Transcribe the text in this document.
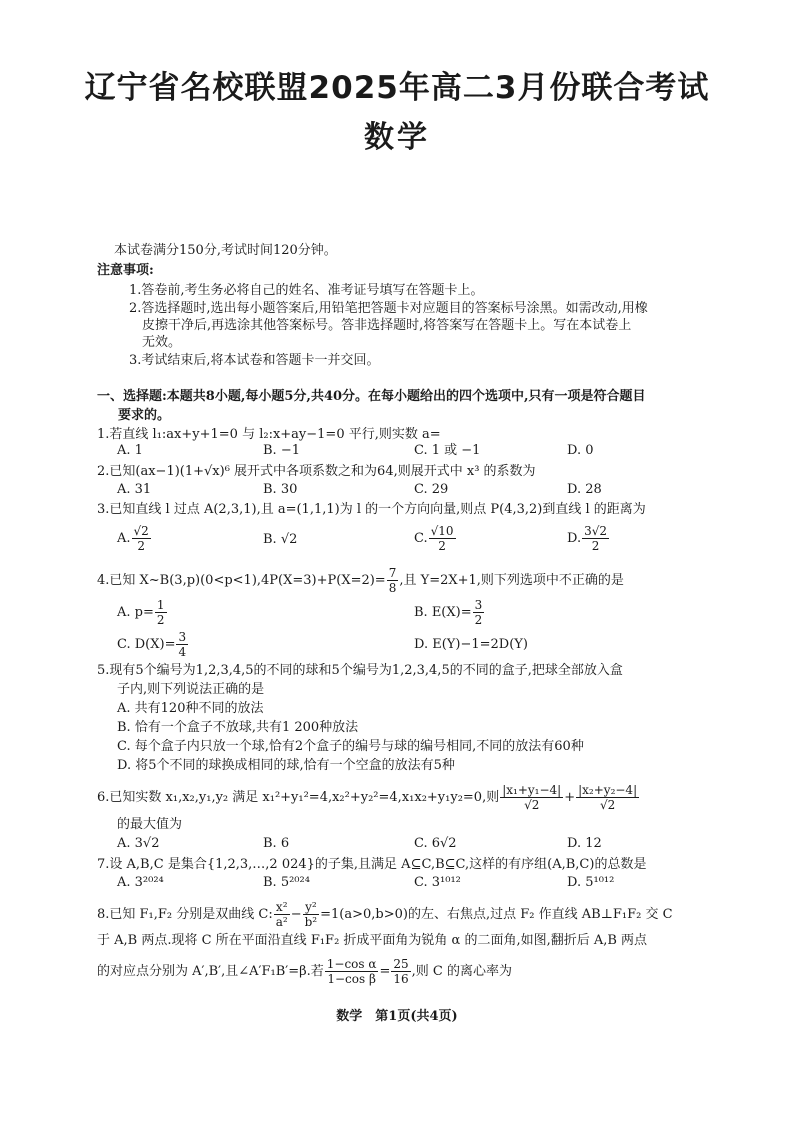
辽宁省名校联盟2025年高二3月份联合考试
数学
本试卷满分150分,考试时间120分钟。
注意事项:
1.答卷前,考生务必将自己的姓名、准考证号填写在答题卡上。
2.答选择题时,选出每小题答案后,用铅笔把答题卡对应题目的答案标号涂黑。如需改动,用橡
皮擦干净后,再选涂其他答案标号。答非选择题时,将答案写在答题卡上。写在本试卷上
无效。
3.考试结束后,将本试卷和答题卡一并交回。
一、选择题:本题共8小题,每小题5分,共40分。在每小题给出的四个选项中,只有一项是符合题目
要求的。
1.若直线 l₁:ax+y+1=0 与 l₂:x+ay−1=0 平行,则实数 a=
A. 1	B. −1	C. 1 或 −1	D. 0
2.已知(ax−1)(1+√x)⁶ 展开式中各项系数之和为64,则展开式中 x³ 的系数为
A. 31	B. 30	C. 29	D. 28
3.已知直线 l 过点 A(2,3,1),且 a=(1,1,1)为 l 的一个方向向量,则点 P(4,3,2)到直线 l 的距离为
A. $\frac{√2}{2}$	B. √2	C. $\frac{√10}{2}$	D. $\frac{3√2}{2}$
4.已知 X~B(3,p)(0<p<1),4P(X=3)+P(X=2)= $\frac{7}{8}$ ,且 Y=2X+1,则下列选项中不正确的是
A. $p= \frac{1}{2}$	B. $E(X)= \frac{3}{2}$
C. $D(X)= \frac{3}{4}$	D. E(Y)−1=2D(Y)
5.现有5个编号为1,2,3,4,5的不同的球和5个编号为1,2,3,4,5的不同的盒子,把球全部放入盒
子内,则下列说法正确的是
A. 共有120种不同的放法
B. 恰有一个盒子不放球,共有1 200种放法
C. 每个盒子内只放一个球,恰有2个盒子的编号与球的编号相同,不同的放法有60种
D. 将5个不同的球换成相同的球,恰有一个空盒的放法有5种
6.已知实数 x₁,x₂,y₁,y₂ 满足 x₁²+y₁²=4,x₂²+y₂²=4,x₁x₂+y₁y₂=0,则 $\frac{\text{|x₁+y₁−4|}}{√2} + \frac{\text{|x₂+y₂−4|}}{√2}$
的最大值为
A. 3√2	B. 6	C. 6√2	D. 12
7.设 A,B,C 是集合{1,2,3,…,2 024}的子集,且满足 A⊆C,B⊆C,这样的有序组(A,B,C)的总数是
A. 3²⁰²⁴	B. 5²⁰²⁴	C. 3¹⁰¹²	D. 5¹⁰¹²
8.已知 F₁,F₂ 分别是双曲线 C: $\frac{\text{x²}}{\text{a²}} - \frac{\text{y²}}{\text{b²}} =1(a>0,b>0)$的左、右焦点,过点 F₂ 作直线 AB⊥F₁F₂ 交 C
于 A,B 两点.现将 C 所在平面沿直线 F₁F₂ 折成平面角为锐角 α 的二面角,如图,翻折后 A,B 两点
的对应点分别为 A′,B′,且∠A′F₁B′=β.若 $\frac{\text{1−cos α}}{\text{1−cos β}} = \frac{25}{16}$ ,则 C 的离心率为
数学　第1页(共4页)
